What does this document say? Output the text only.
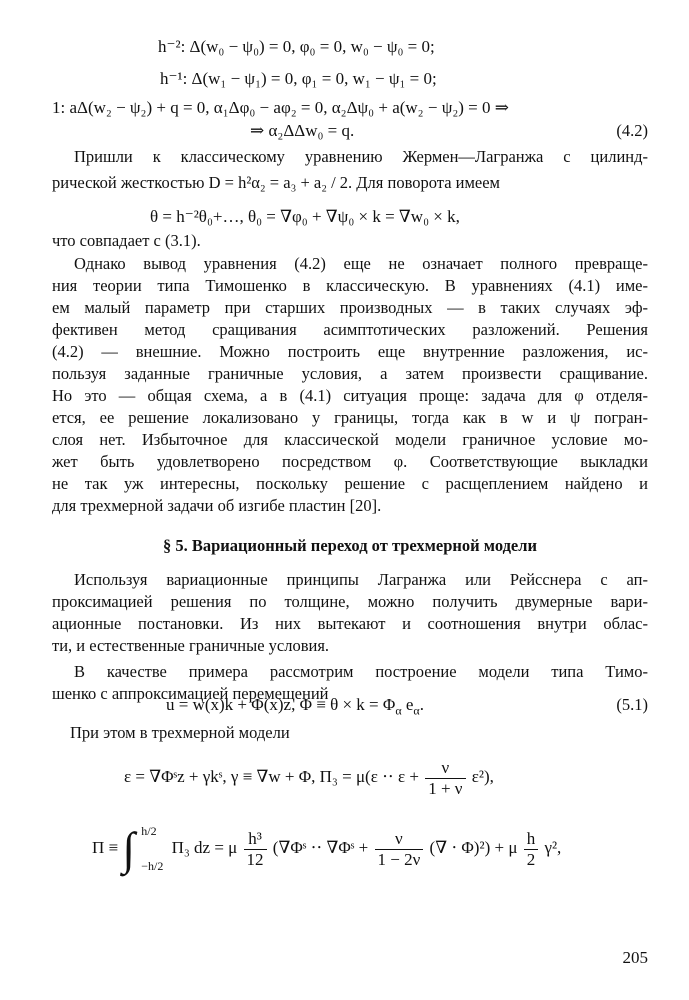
h⁻²: Δ(w₀ − ψ₀) = 0, φ₀ = 0, w₀ − ψ₀ = 0;
h⁻¹: Δ(w₁ − ψ₁) = 0, φ₁ = 0, w₁ − ψ₁ = 0;
1: aΔ(w₂ − ψ₂) + q = 0, α₁Δφ₀ − aφ₂ = 0, α₂Δψ₀ + a(w₂ − ψ₂) = 0 ⇒
⇒ α₂ΔΔw₀ = q.	(4.2)
Пришли к классическому уравнению Жермен—Лагранжа с цилинд-
рической жесткостью D = h²α₂ = a₃ + a₂ / 2. Для поворота имеем
θ = h⁻²θ₀+…, θ₀ = ∇φ₀ + ∇ψ₀ × k = ∇w₀ × k,
что совпадает с (3.1).
Однако вывод уравнения (4.2) еще не означает полного превраще-
ния теории типа Тимошенко в классическую. В уравнениях (4.1) име-
ем малый параметр при старших производных — в таких случаях эф-
фективен метод сращивания асимптотических разложений. Решения
(4.2) — внешние. Можно построить еще внутренние разложения, ис-
пользуя заданные граничные условия, а затем произвести сращивание.
Но это — общая схема, а в (4.1) ситуация проще: задача для φ отделя-
ется, ее решение локализовано у границы, тогда как в w и ψ погран-
слоя нет. Избыточное для классической модели граничное условие мо-
жет быть удовлетворено посредством φ. Соответствующие выкладки
не так уж интересны, поскольку решение с расщеплением найдено и
для трехмерной задачи об изгибе пластин [20].
§ 5. Вариационный переход от трехмерной модели
Используя вариационные принципы Лагранжа или Рейсснера с ап-
проксимацией решения по толщине, можно получить двумерные вари-
ационные постановки. Из них вытекают и соотношения внутри облас-
ти, и естественные граничные условия.
В качестве примера рассмотрим построение модели типа Тимо-
шенко с аппроксимацией перемещений
u = w(x)k + Φ(x)z, $\Phi \equiv \theta \times k = \Phi_\alpha$ $e_\alpha$.	(5.1)
При этом в трехмерной модели
ε = ∇Φˢz + γkˢ, γ ≡ ∇w + Φ, $\Pi_3 = \mu(\varepsilon \cdot\cdot \varepsilon + \frac{\nu}{1 + \nu} \varepsilon^2)$,
Π ≡ ∫ h/2
−h/2
Π₃ dz = μ $\frac{\text{h³}}{12}$ (∇Φˢ ⋅⋅ ∇Φˢ + $\frac{\nu}{1 - 2\nu}$ (∇ ⋅ Φ)²) + μ $\frac{h}{2} \gamma^2$,
205
